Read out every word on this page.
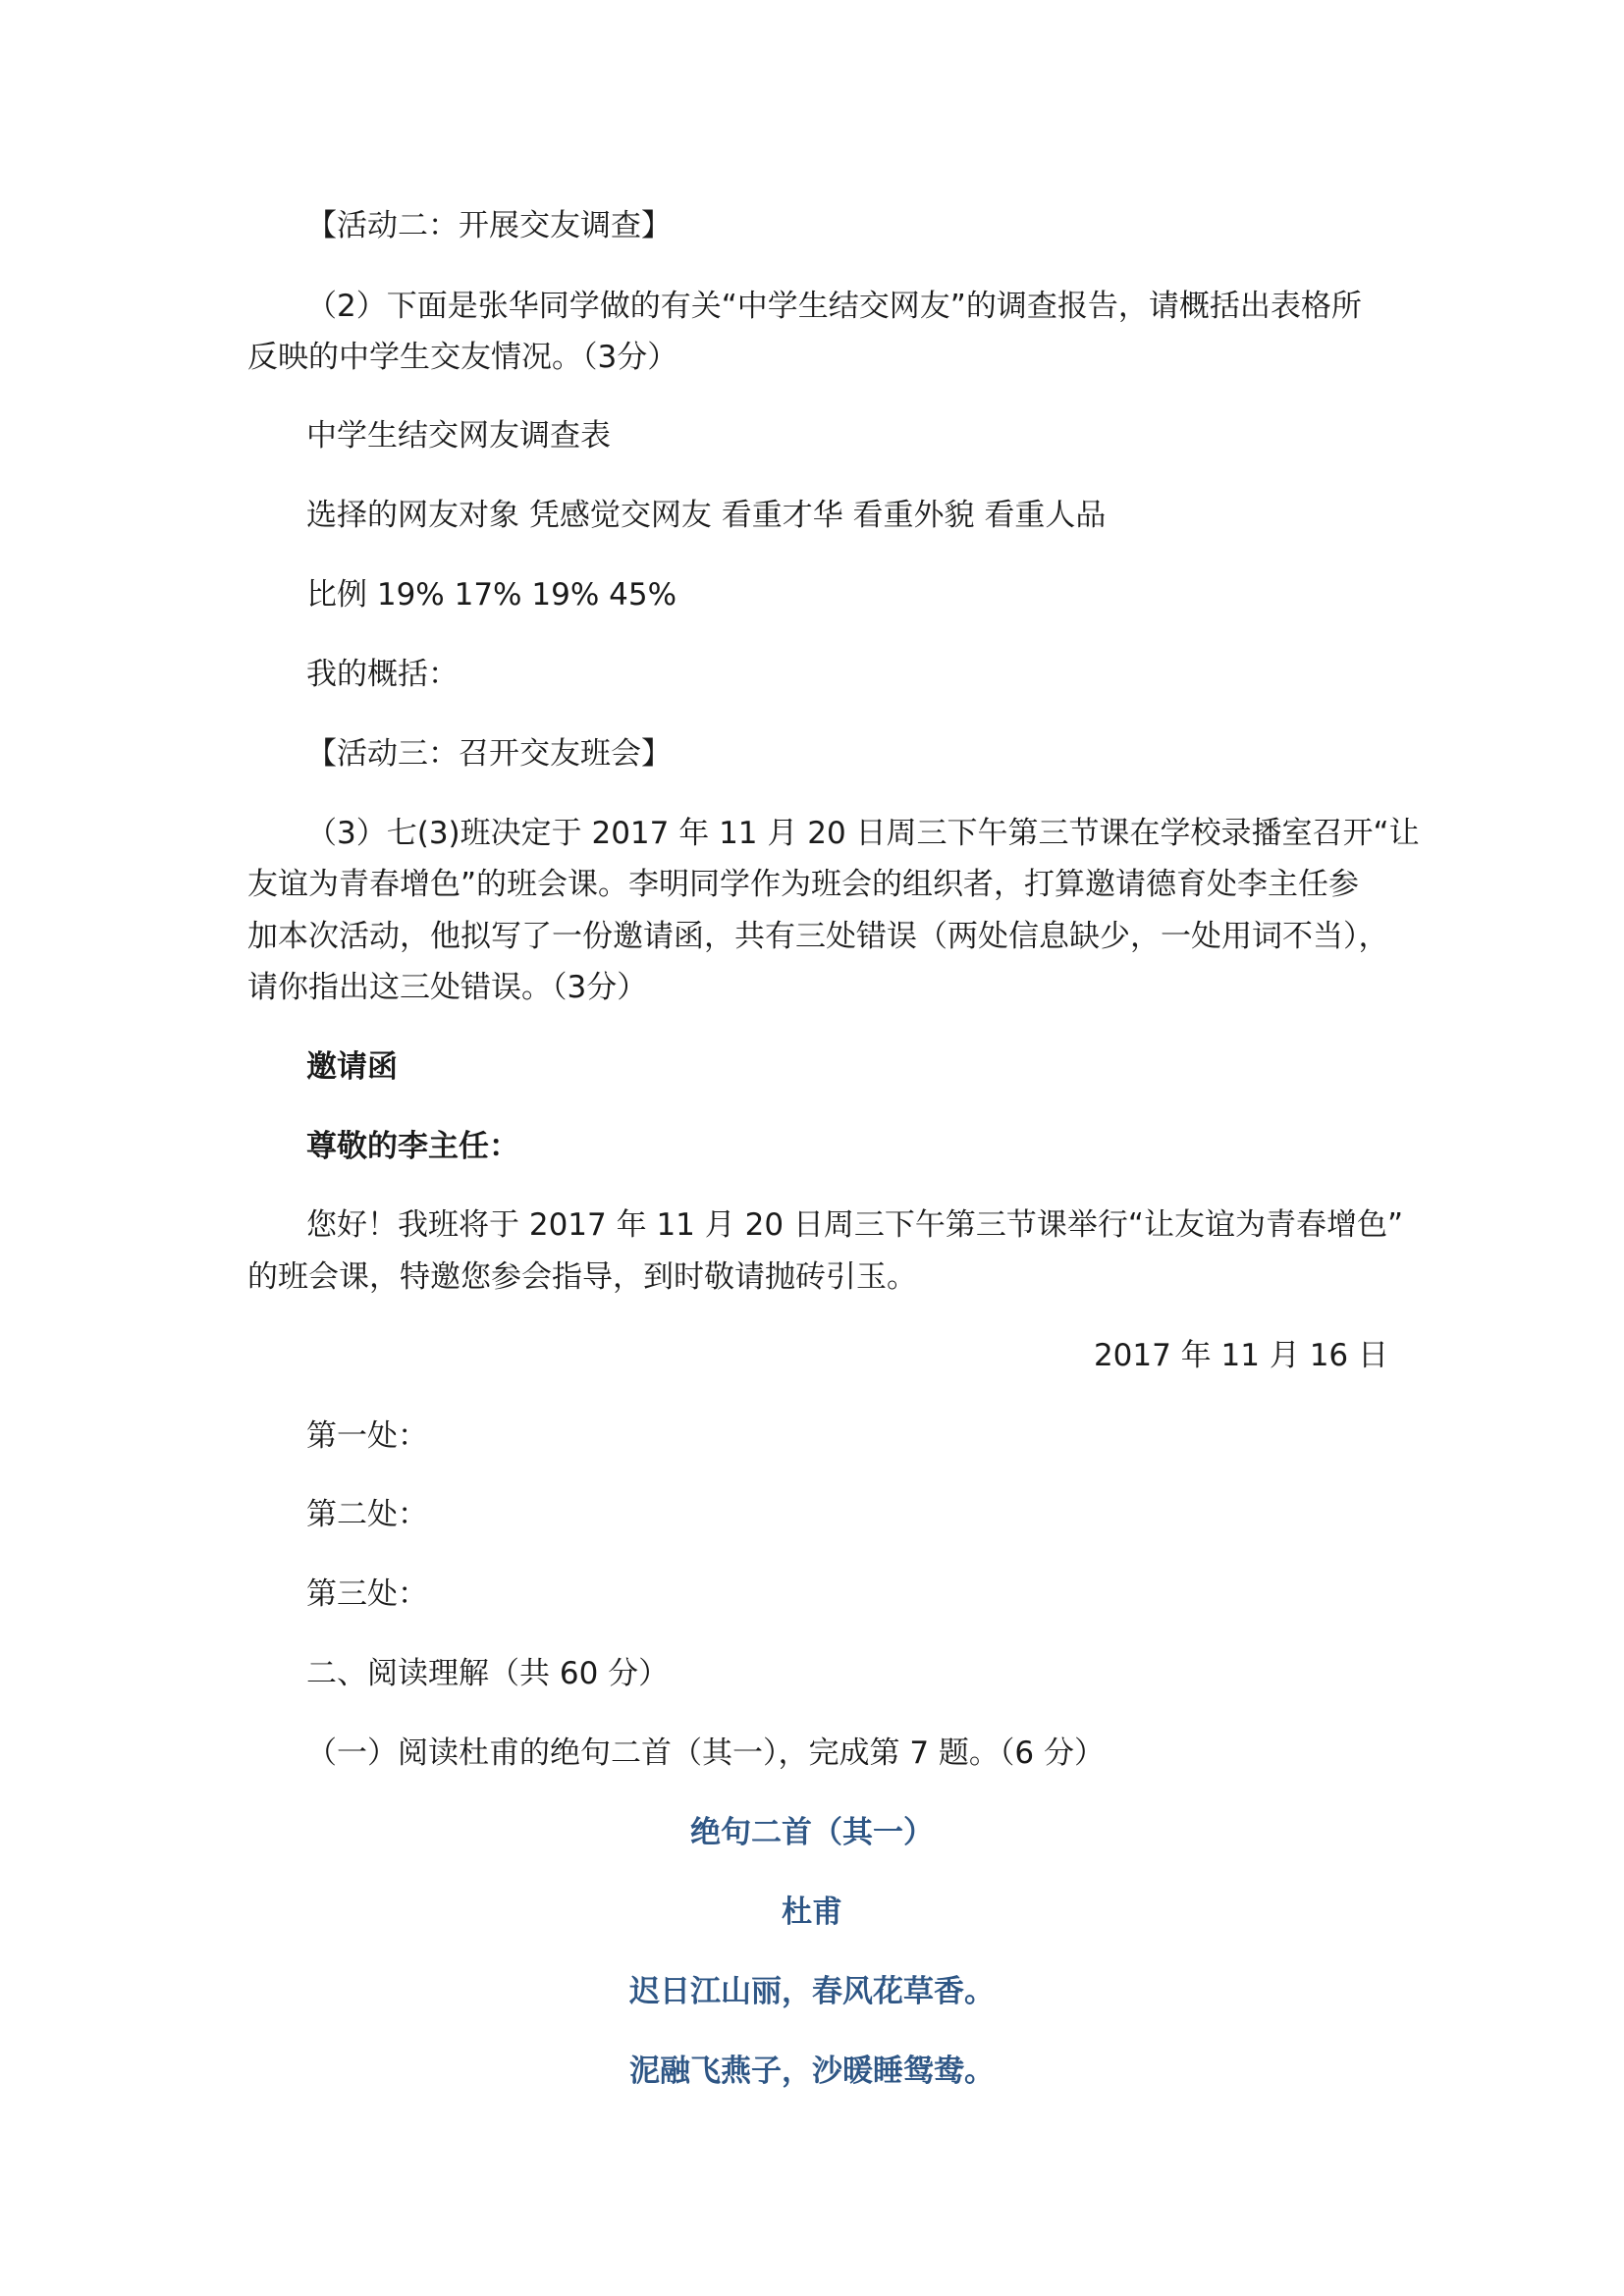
【活动二：开展交友调查】
（2）下面是张华同学做的有关“中学生结交网友”的调查报告，请概括出表格所
反映的中学生交友情况。（3分）
中学生结交网友调查表
选择的网友对象 凭感觉交网友 看重才华 看重外貌 看重人品
比例 19% 17% 19% 45%
我的概括：
【活动三：召开交友班会】
（3）七(3)班决定于 2017 年 11 月 20 日周三下午第三节课在学校录播室召开“让
友谊为青春增色”的班会课。李明同学作为班会的组织者，打算邀请德育处李主任参
加本次活动，他拟写了一份邀请函，共有三处错误（两处信息缺少，一处用词不当），
请你指出这三处错误。（3分）
邀请函
尊敬的李主任：
您好！我班将于 2017 年 11 月 20 日周三下午第三节课举行“让友谊为青春增色”
的班会课，特邀您参会指导，到时敬请抛砖引玉。
2017 年 11 月 16 日
第一处：
第二处：
第三处：
二、阅读理解（共 60 分）
（一）阅读杜甫的绝句二首（其一），完成第 7 题。（6 分）
绝句二首（其一）
杜甫
迟日江山丽，春风花草香。
泥融飞燕子，沙暖睡鸳鸯。
